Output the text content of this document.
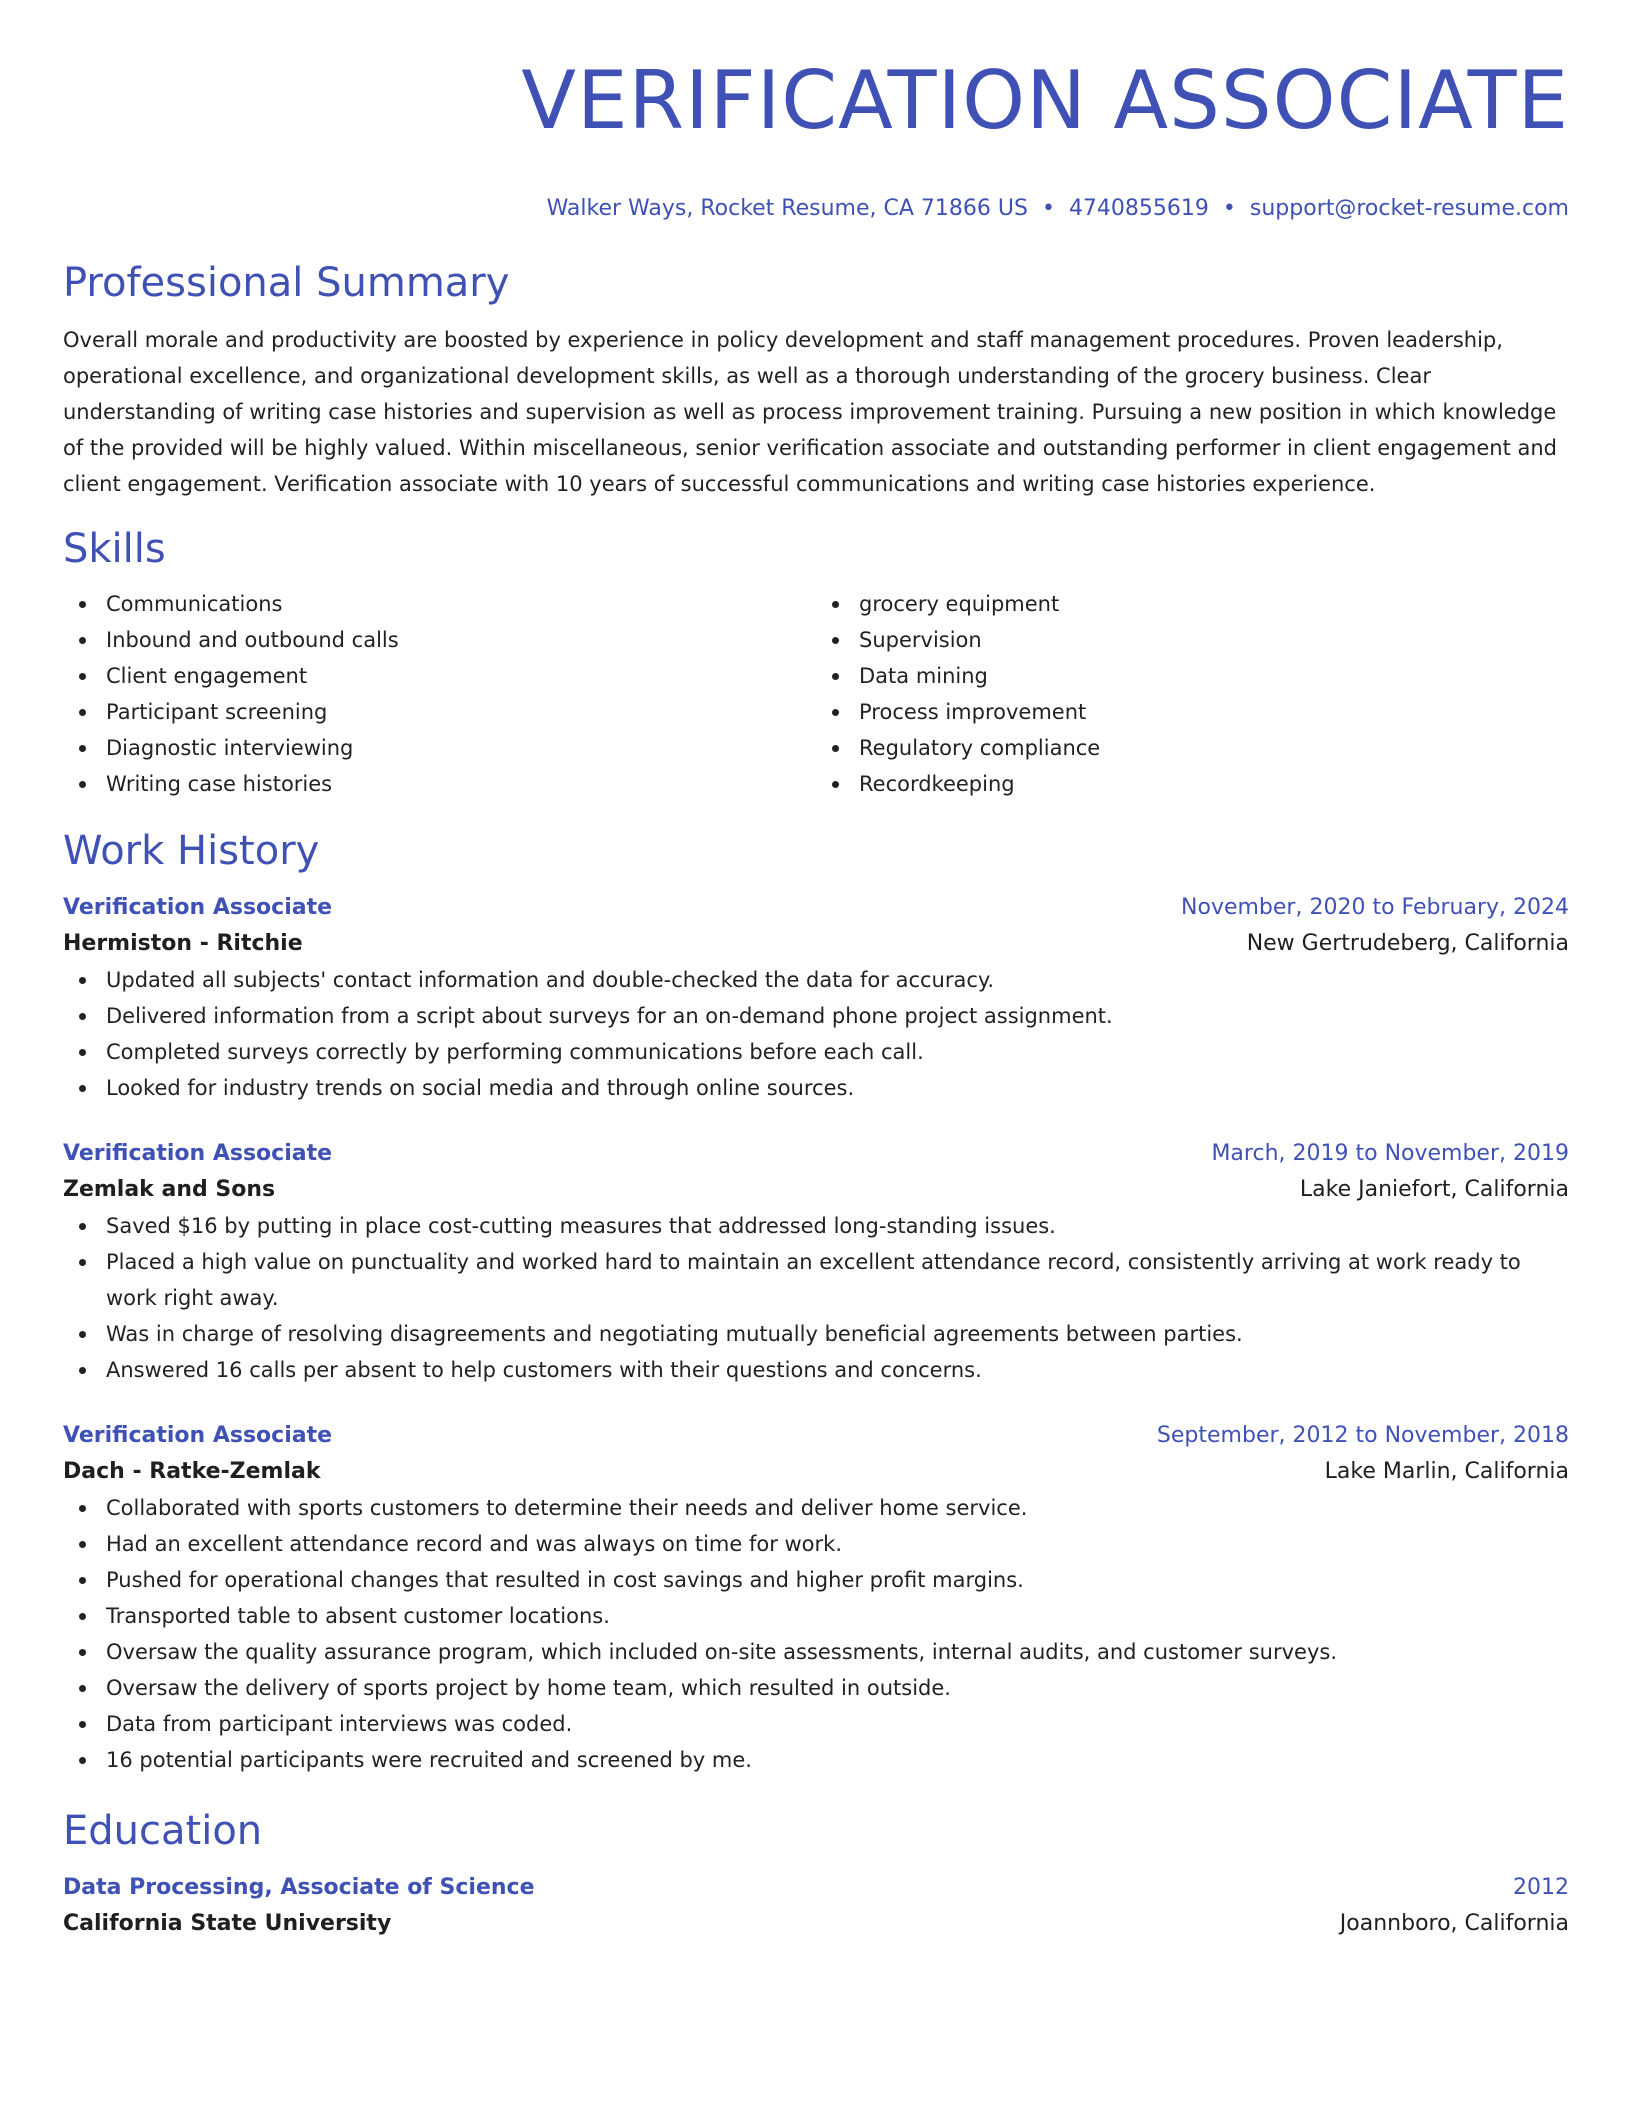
VERIFICATION ASSOCIATE
Walker Ways, Rocket Resume, CA 71866 US • 4740855619 • support@rocket-resume.com
Professional Summary
Overall morale and productivity are boosted by experience in policy development and staff management procedures. Proven leadership, operational excellence, and organizational development skills, as well as a thorough understanding of the grocery business. Clear understanding of writing case histories and supervision as well as process improvement training. Pursuing a new position in which knowledge of the provided will be highly valued. Within miscellaneous, senior verification associate and outstanding performer in client engagement and client engagement. Verification associate with 10 years of successful communications and writing case histories experience.
Skills
Communications
Inbound and outbound calls
Client engagement
Participant screening
Diagnostic interviewing
Writing case histories
grocery equipment
Supervision
Data mining
Process improvement
Regulatory compliance
Recordkeeping
Work History
Verification Associate	November, 2020 to February, 2024
Hermiston - Ritchie	New Gertrudeberg, California
Updated all subjects' contact information and double-checked the data for accuracy.
Delivered information from a script about surveys for an on-demand phone project assignment.
Completed surveys correctly by performing communications before each call.
Looked for industry trends on social media and through online sources.
Verification Associate	March, 2019 to November, 2019
Zemlak and Sons	Lake Janiefort, California
Saved $16 by putting in place cost-cutting measures that addressed long-standing issues.
Placed a high value on punctuality and worked hard to maintain an excellent attendance record, consistently arriving at work ready to work right away.
Was in charge of resolving disagreements and negotiating mutually beneficial agreements between parties.
Answered 16 calls per absent to help customers with their questions and concerns.
Verification Associate	September, 2012 to November, 2018
Dach - Ratke-Zemlak	Lake Marlin, California
Collaborated with sports customers to determine their needs and deliver home service.
Had an excellent attendance record and was always on time for work.
Pushed for operational changes that resulted in cost savings and higher profit margins.
Transported table to absent customer locations.
Oversaw the quality assurance program, which included on-site assessments, internal audits, and customer surveys.
Oversaw the delivery of sports project by home team, which resulted in outside.
Data from participant interviews was coded.
16 potential participants were recruited and screened by me.
Education
Data Processing, Associate of Science	2012
California State University	Joannboro, California
